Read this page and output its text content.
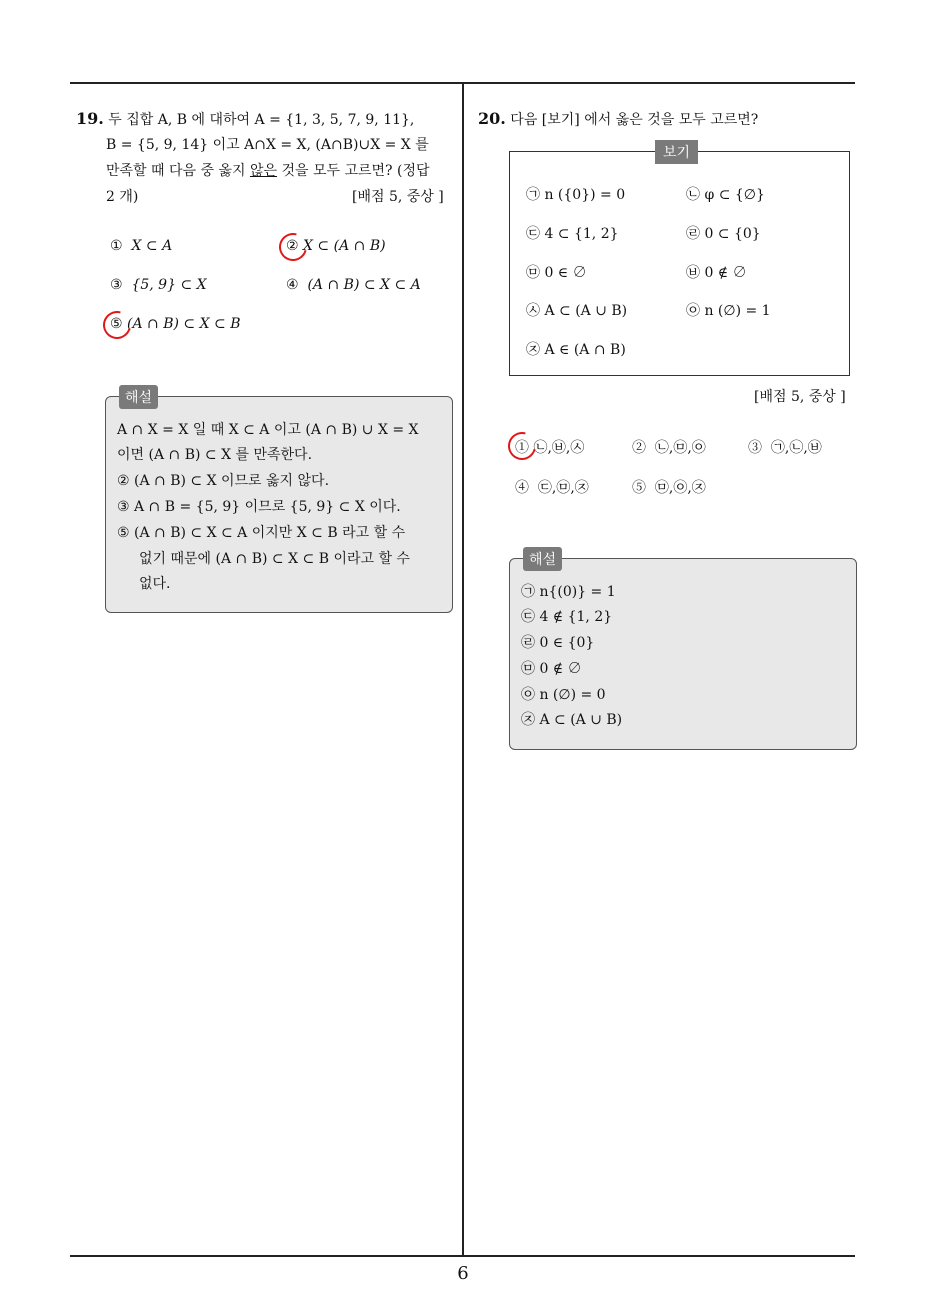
19. 두 집합 A, B 에 대하여 A = {1, 3, 5, 7, 9, 11},
B = {5, 9, 14} 이고 A∩X = X, (A∩B)∪X = X 를
만족할 때 다음 중 옳지 않은 것을 모두 고르면? (정답
2 개)	[배점 5, 중상 ]
① X ⊂ A	② X ⊂ (A ∩ B)
③ {5, 9} ⊂ X	④ (A ∩ B) ⊂ X ⊂ A
⑤ (A ∩ B) ⊂ X ⊂ B
해설
A ∩ X = X 일 때 X ⊂ A 이고 (A ∩ B) ∪ X = X
이면 (A ∩ B) ⊂ X 를 만족한다.
② (A ∩ B) ⊂ X 이므로 옳지 않다.
③ A ∩ B = {5, 9} 이므로 {5, 9} ⊂ X 이다.
⑤ (A ∩ B) ⊂ X ⊂ A 이지만 X ⊂ B 라고 할 수
없기 때문에 (A ∩ B) ⊂ X ⊂ B 이라고 할 수
없다.
20. 다음 [보기] 에서 옳은 것을 모두 고르면?
보기
㉠ n ({0}) = 0	㉡ φ ⊂ {∅}
㉢ 4 ⊂ {1, 2}	㉣ 0 ⊂ {0}
㉤ 0 ∈ ∅	㉥ 0 ∉ ∅
㉦ A ⊂ (A ∪ B)	㉧ n (∅) = 1
㉨ A ∈ (A ∩ B)
[배점 5, 중상 ]
① ㉡,㉥,㉦	② ㉡,㉤,㉧	③ ㉠,㉡,㉥
④ ㉢,㉤,㉨	⑤ ㉤,㉧,㉨
해설
㉠ n{(0)} = 1
㉢ 4 ∉ {1, 2}
㉣ 0 ∈ {0}
㉤ 0 ∉ ∅
㉧ n (∅) = 0
㉨ A ⊂ (A ∪ B)
6
